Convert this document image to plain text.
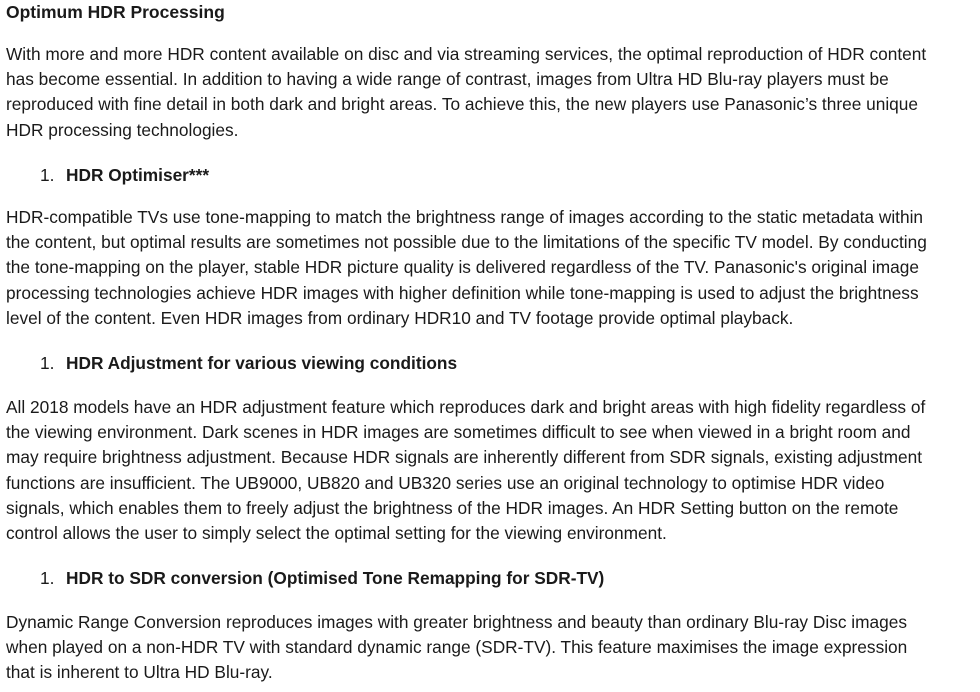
Optimum HDR Processing

With more and more HDR content available on disc and via streaming services, the optimal reproduction of HDR content
has become essential. In addition to having a wide range of contrast, images from Ultra HD Blu-ray players must be
reproduced with fine detail in both dark and bright areas. To achieve this, the new players use Panasonic’s three unique
HDR processing technologies.

1. HDR Optimiser***

HDR-compatible TVs use tone-mapping to match the brightness range of images according to the static metadata within
the content, but optimal results are sometimes not possible due to the limitations of the specific TV model. By conducting
the tone-mapping on the player, stable HDR picture quality is delivered regardless of the TV. Panasonic's original image
processing technologies achieve HDR images with higher definition while tone-mapping is used to adjust the brightness
level of the content. Even HDR images from ordinary HDR10 and TV footage provide optimal playback.

1. HDR Adjustment for various viewing conditions

All 2018 models have an HDR adjustment feature which reproduces dark and bright areas with high fidelity regardless of
the viewing environment. Dark scenes in HDR images are sometimes difficult to see when viewed in a bright room and
may require brightness adjustment. Because HDR signals are inherently different from SDR signals, existing adjustment
functions are insufficient. The UB9000, UB820 and UB320 series use an original technology to optimise HDR video
signals, which enables them to freely adjust the brightness of the HDR images. An HDR Setting button on the remote
control allows the user to simply select the optimal setting for the viewing environment.

1. HDR to SDR conversion (Optimised Tone Remapping for SDR-TV)

Dynamic Range Conversion reproduces images with greater brightness and beauty than ordinary Blu-ray Disc images
when played on a non-HDR TV with standard dynamic range (SDR-TV). This feature maximises the image expression
that is inherent to Ultra HD Blu-ray.
